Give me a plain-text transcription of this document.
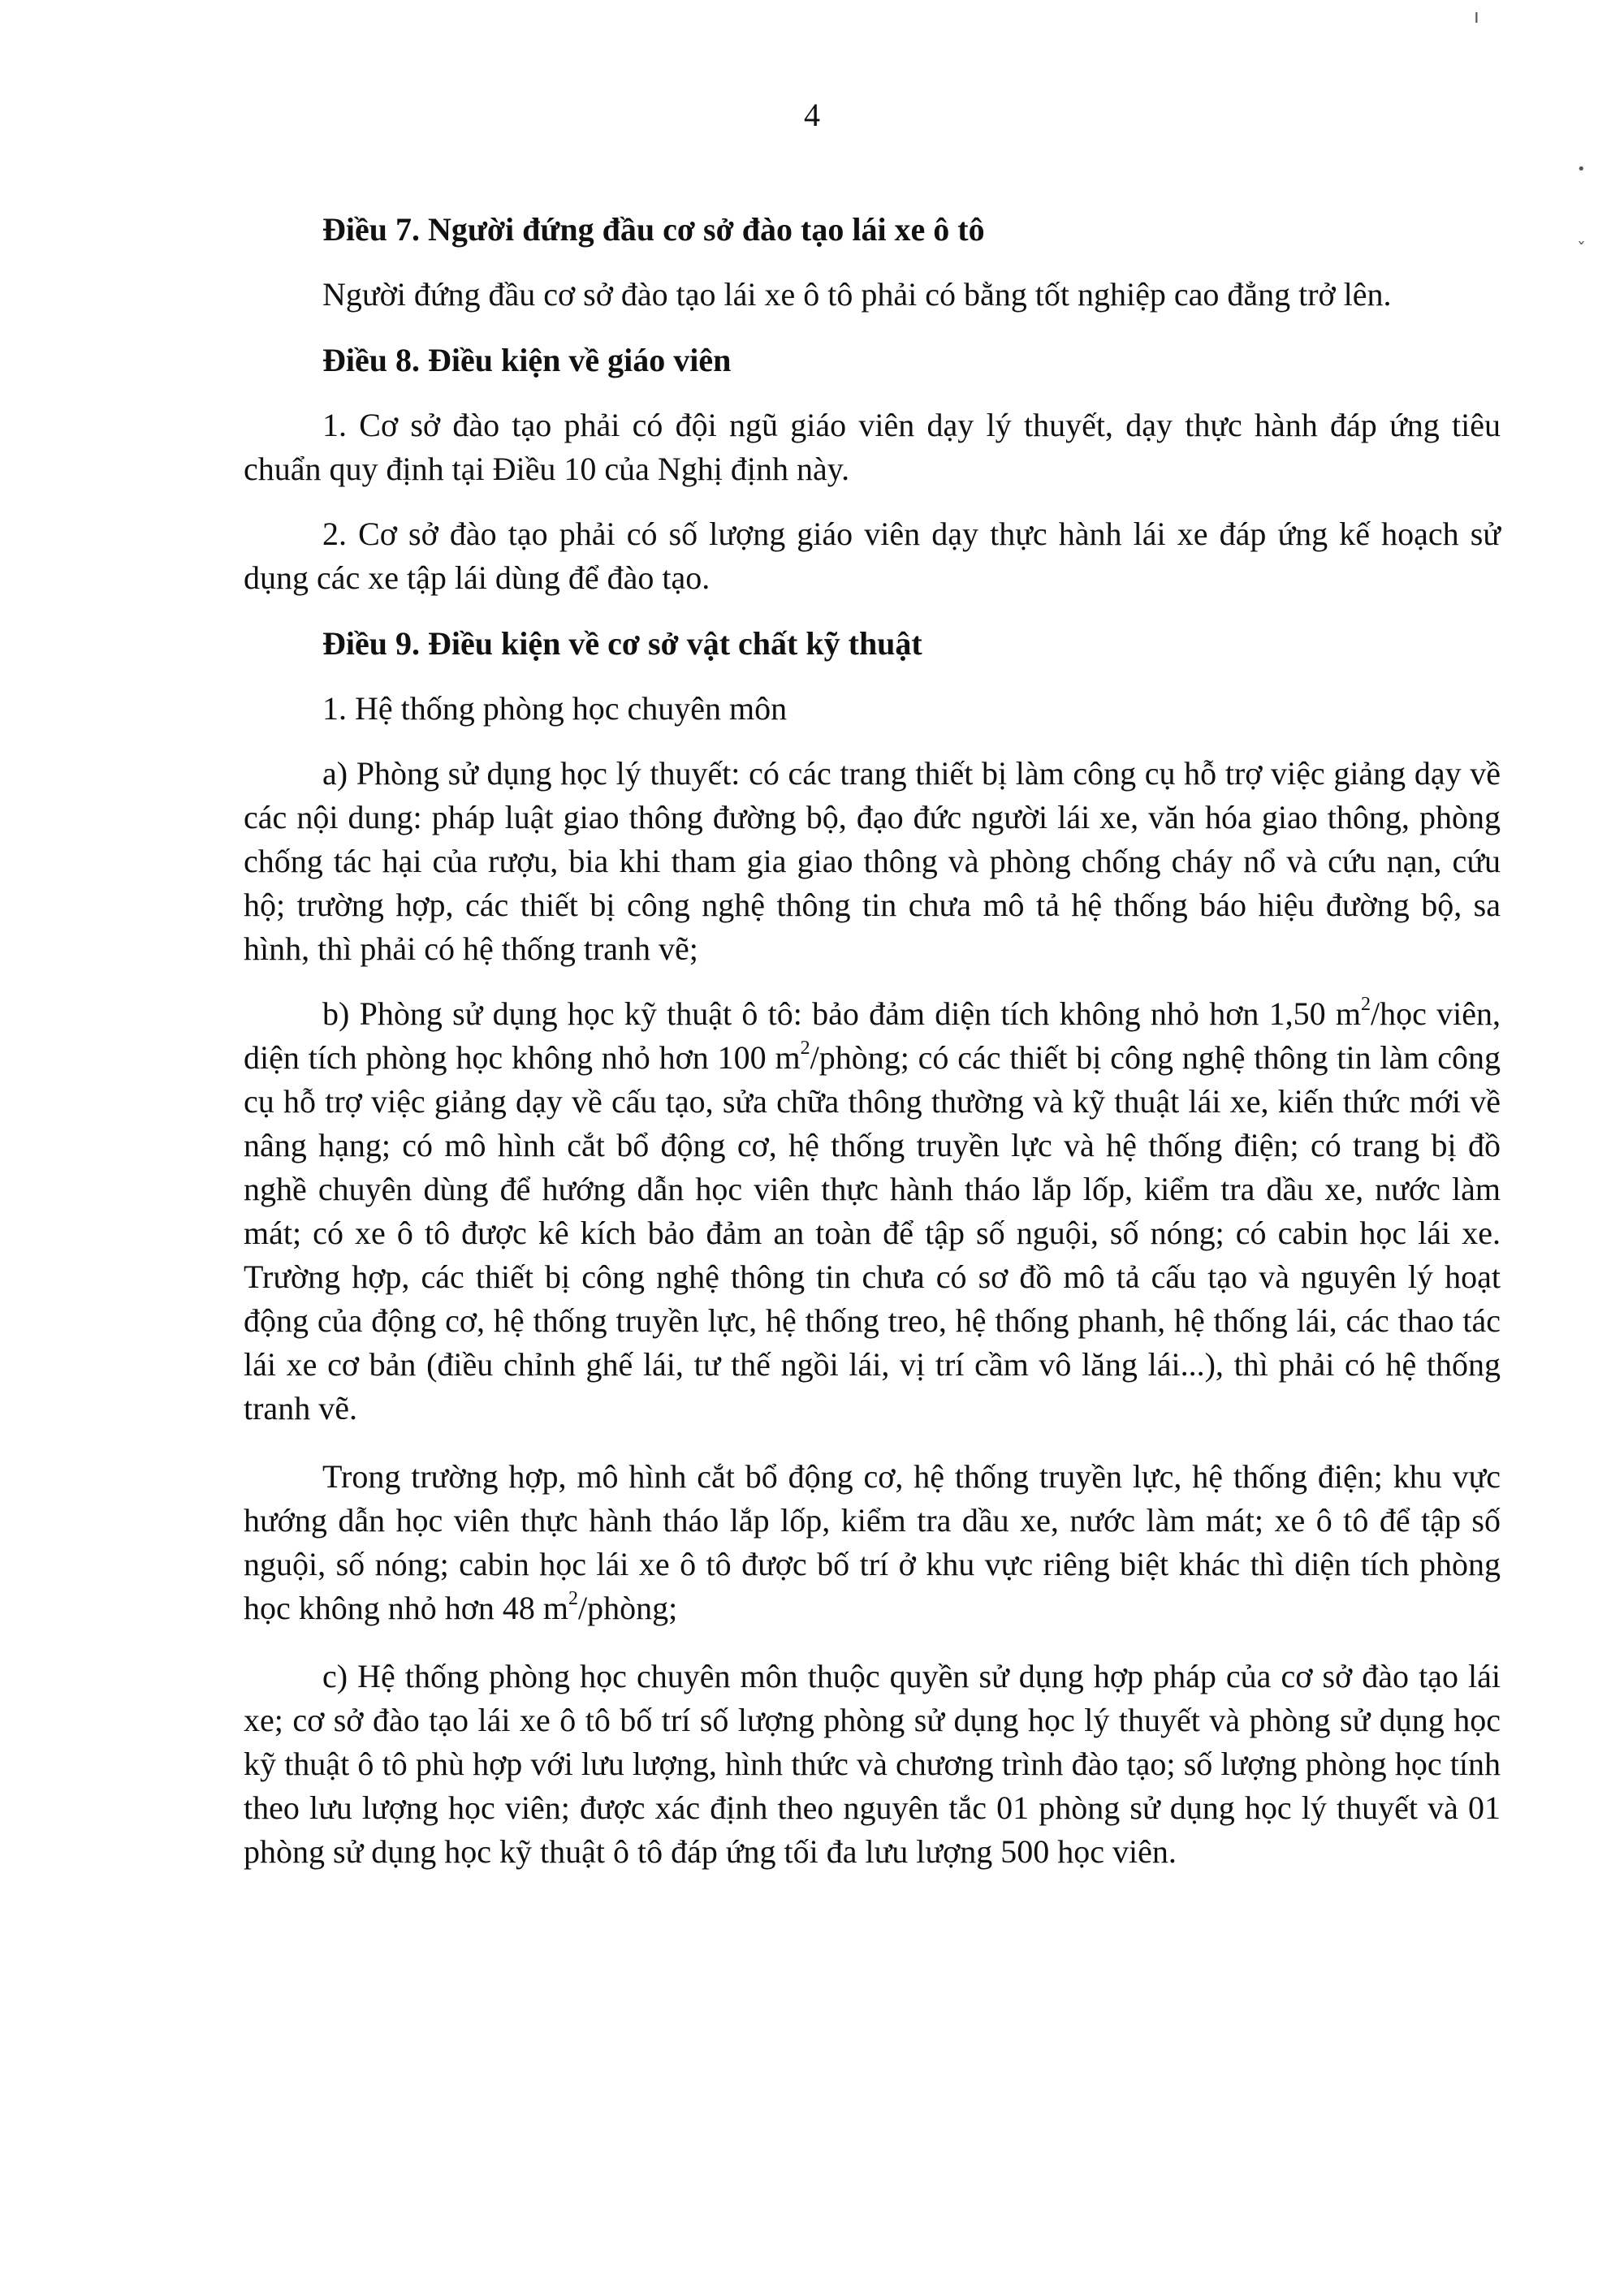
ı
•
ˇ
4

Điều 7. Người đứng đầu cơ sở đào tạo lái xe ô tô

Người đứng đầu cơ sở đào tạo lái xe ô tô phải có bằng tốt nghiệp cao đẳng trở lên.

Điều 8. Điều kiện về giáo viên

1. Cơ sở đào tạo phải có đội ngũ giáo viên dạy lý thuyết, dạy thực hành đáp ứng tiêu chuẩn quy định tại Điều 10 của Nghị định này.

2. Cơ sở đào tạo phải có số lượng giáo viên dạy thực hành lái xe đáp ứng kế hoạch sử dụng các xe tập lái dùng để đào tạo.

Điều 9. Điều kiện về cơ sở vật chất kỹ thuật

1. Hệ thống phòng học chuyên môn

a) Phòng sử dụng học lý thuyết: có các trang thiết bị làm công cụ hỗ trợ việc giảng dạy về các nội dung: pháp luật giao thông đường bộ, đạo đức người lái xe, văn hóa giao thông, phòng chống tác hại của rượu, bia khi tham gia giao thông và phòng chống cháy nổ và cứu nạn, cứu hộ; trường hợp, các thiết bị công nghệ thông tin chưa mô tả hệ thống báo hiệu đường bộ, sa hình, thì phải có hệ thống tranh vẽ;

b) Phòng sử dụng học kỹ thuật ô tô: bảo đảm diện tích không nhỏ hơn 1,50 $m^2$/học viên, diện tích phòng học không nhỏ hơn 100 $m^2$/phòng; có các thiết bị công nghệ thông tin làm công cụ hỗ trợ việc giảng dạy về cấu tạo, sửa chữa thông thường và kỹ thuật lái xe, kiến thức mới về nâng hạng; có mô hình cắt bổ động cơ, hệ thống truyền lực và hệ thống điện; có trang bị đồ nghề chuyên dùng để hướng dẫn học viên thực hành tháo lắp lốp, kiểm tra dầu xe, nước làm mát; có xe ô tô được kê kích bảo đảm an toàn để tập số nguội, số nóng; có cabin học lái xe. Trường hợp, các thiết bị công nghệ thông tin chưa có sơ đồ mô tả cấu tạo và nguyên lý hoạt động của động cơ, hệ thống truyền lực, hệ thống treo, hệ thống phanh, hệ thống lái, các thao tác lái xe cơ bản (điều chỉnh ghế lái, tư thế ngồi lái, vị trí cầm vô lăng lái...), thì phải có hệ thống tranh vẽ.

Trong trường hợp, mô hình cắt bổ động cơ, hệ thống truyền lực, hệ thống điện; khu vực hướng dẫn học viên thực hành tháo lắp lốp, kiểm tra dầu xe, nước làm mát; xe ô tô để tập số nguội, số nóng; cabin học lái xe ô tô được bố trí ở khu vực riêng biệt khác thì diện tích phòng học không nhỏ hơn 48 $m^2$/phòng;

c) Hệ thống phòng học chuyên môn thuộc quyền sử dụng hợp pháp của cơ sở đào tạo lái xe; cơ sở đào tạo lái xe ô tô bố trí số lượng phòng sử dụng học lý thuyết và phòng sử dụng học kỹ thuật ô tô phù hợp với lưu lượng, hình thức và chương trình đào tạo; số lượng phòng học tính theo lưu lượng học viên; được xác định theo nguyên tắc 01 phòng sử dụng học lý thuyết và 01 phòng sử dụng học kỹ thuật ô tô đáp ứng tối đa lưu lượng 500 học viên.
